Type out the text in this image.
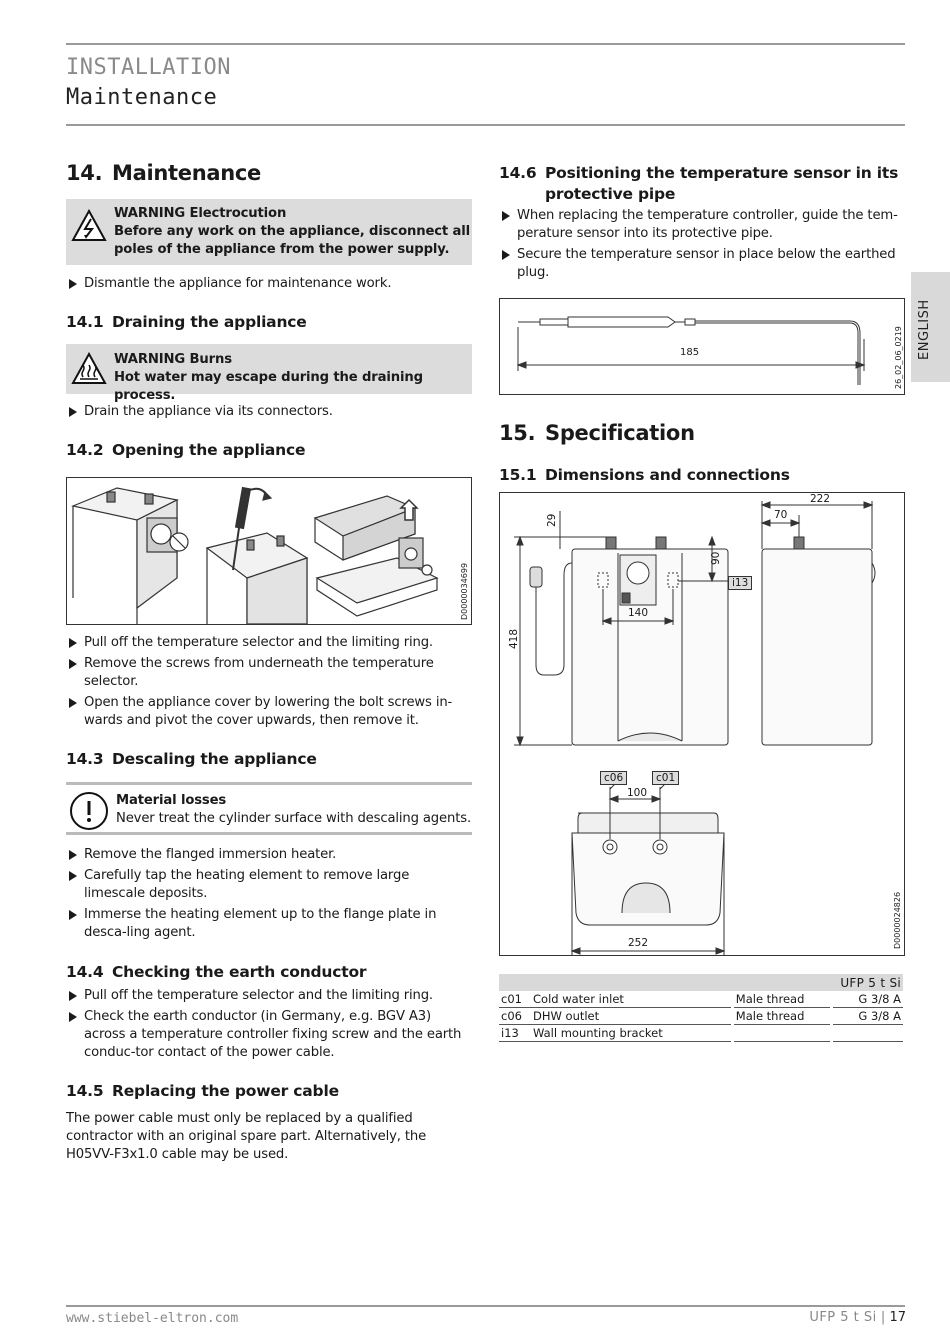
INSTALLATION
Maintenance
ENGLISH
14. Maintenance
WARNING Electrocution
Before any work on the appliance, disconnect all poles of the appliance from the power supply.
Dismantle the appliance for maintenance work.
14.1 Draining the appliance
WARNING Burns
Hot water may escape during the draining process.
Drain the appliance via its connectors.
14.2 Opening the appliance
D0000034699
Pull off the temperature selector and the limiting ring.
Remove the screws from underneath the temperature selector.
Open the appliance cover by lowering the bolt screws in-wards and pivot the cover upwards, then remove it.
14.3 Descaling the appliance
Material losses
Never treat the cylinder surface with descaling agents.
Remove the flanged immersion heater.
Carefully tap the heating element to remove large limescale deposits.
Immerse the heating element up to the flange plate in desca-ling agent.
14.4 Checking the earth conductor
Pull off the temperature selector and the limiting ring.
Check the earth conductor (in Germany, e.g. BGV A3) across a temperature controller fixing screw and the earth conduc-tor contact of the power cable.
14.5 Replacing the power cable
The power cable must only be replaced by a qualified contractor with an original spare part. Alternatively, the H05VV-F3x1.0 cable may be used.
14.6 Positioning the temperature sensor in its
protective pipe
When replacing the temperature controller, guide the tem-perature sensor into its protective pipe.
Secure the temperature sensor in place below the earthed plug.
185	26_02_06_0219
15. Specification
15.1 Dimensions and connections
222
70
29
90
140
418
i13
c06	c01
100
252	D0000024826
					UFP 5 t Si
c01	Cold water inlet		Male thread		G 3/8 A
c06	DHW outlet		Male thread		G 3/8 A
i13	Wall mounting bracket				
www.stiebel-eltron.com	UFP 5 t Si | 17
